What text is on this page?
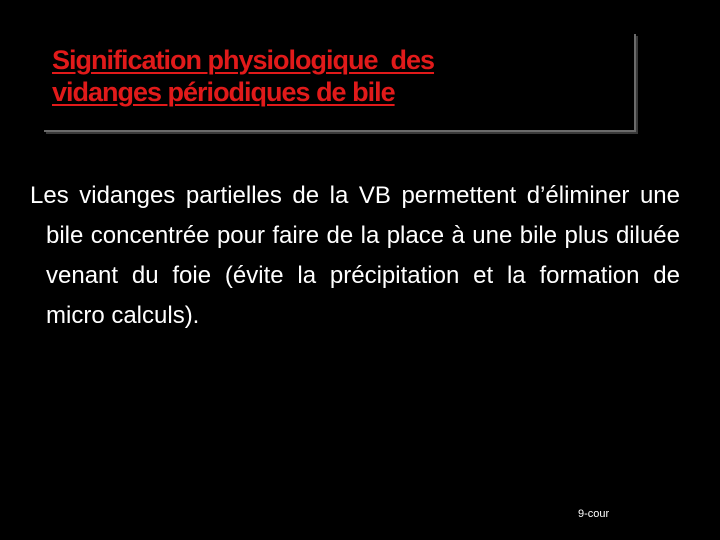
Signification physiologique  des
vidanges périodiques de bile

Les vidanges partielles de la VB permettent d’éliminer une bile concentrée pour faire de la place à une bile plus diluée venant du foie (évite la précipitation et la formation de micro calculs).

9-cour
